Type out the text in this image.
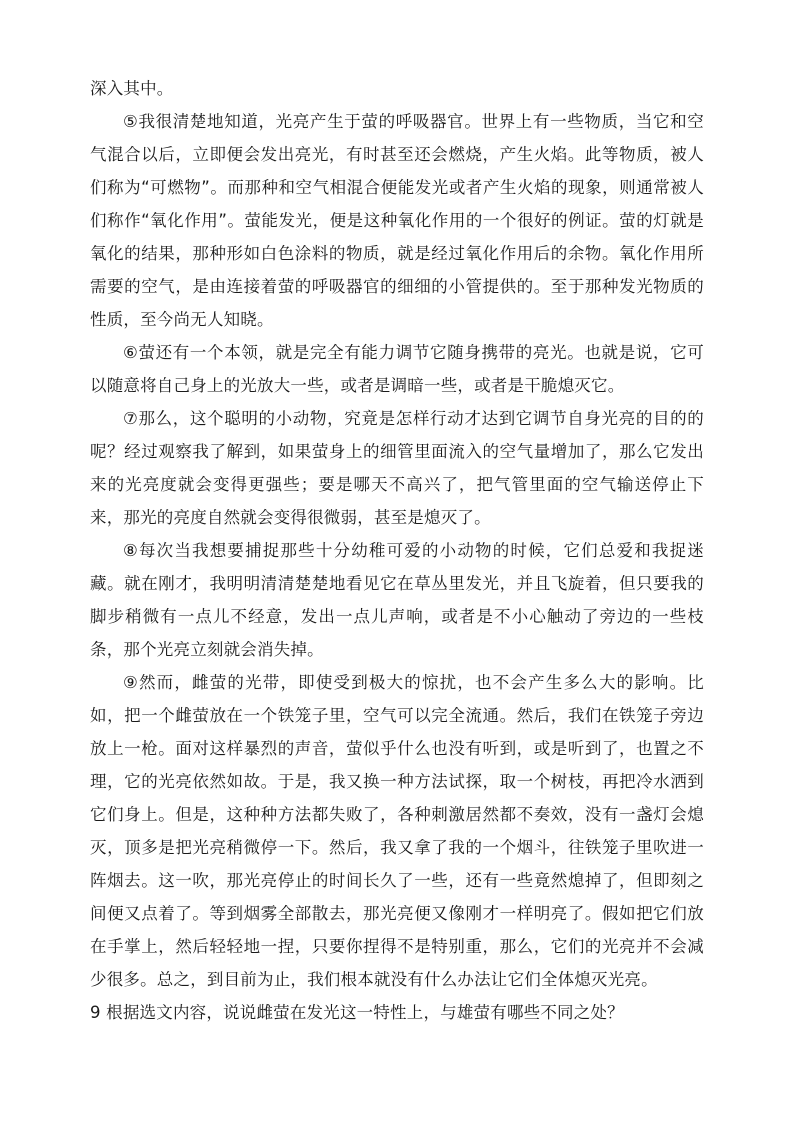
深入其中。

⑤我很清楚地知道，光亮产生于萤的呼吸器官。世界上有一些物质，当它和空气混合以后，立即便会发出亮光，有时甚至还会燃烧，产生火焰。此等物质，被人们称为“可燃物”。而那种和空气相混合便能发光或者产生火焰的现象，则通常被人们称作“氧化作用”。萤能发光，便是这种氧化作用的一个很好的例证。萤的灯就是氧化的结果，那种形如白色涂料的物质，就是经过氧化作用后的余物。氧化作用所需要的空气，是由连接着萤的呼吸器官的细细的小管提供的。至于那种发光物质的性质，至今尚无人知晓。

⑥萤还有一个本领，就是完全有能力调节它随身携带的亮光。也就是说，它可以随意将自己身上的光放大一些，或者是调暗一些，或者是干脆熄灭它。

⑦那么，这个聪明的小动物，究竟是怎样行动才达到它调节自身光亮的目的的呢？经过观察我了解到，如果萤身上的细管里面流入的空气量增加了，那么它发出来的光亮度就会变得更强些；要是哪天不高兴了，把气管里面的空气输送停止下来，那光的亮度自然就会变得很微弱，甚至是熄灭了。

⑧每次当我想要捕捉那些十分幼稚可爱的小动物的时候，它们总爱和我捉迷藏。就在刚才，我明明清清楚楚地看见它在草丛里发光，并且飞旋着，但只要我的脚步稍微有一点儿不经意，发出一点儿声响，或者是不小心触动了旁边的一些枝条，那个光亮立刻就会消失掉。

⑨然而，雌萤的光带，即使受到极大的惊扰，也不会产生多么大的影响。比如，把一个雌萤放在一个铁笼子里，空气可以完全流通。然后，我们在铁笼子旁边放上一枪。面对这样暴烈的声音，萤似乎什么也没有听到，或是听到了，也置之不理，它的光亮依然如故。于是，我又换一种方法试探，取一个树枝，再把冷水洒到它们身上。但是，这种种方法都失败了，各种刺激居然都不奏效，没有一盏灯会熄灭，顶多是把光亮稍微停一下。然后，我又拿了我的一个烟斗，往铁笼子里吹进一阵烟去。这一吹，那光亮停止的时间长久了一些，还有一些竟然熄掉了，但即刻之间便又点着了。等到烟雾全部散去，那光亮便又像刚才一样明亮了。假如把它们放在手掌上，然后轻轻地一捏，只要你捏得不是特别重，那么，它们的光亮并不会减少很多。总之，到目前为止，我们根本就没有什么办法让它们全体熄灭光亮。

9 根据选文内容，说说雌萤在发光这一特性上，与雄萤有哪些不同之处？
